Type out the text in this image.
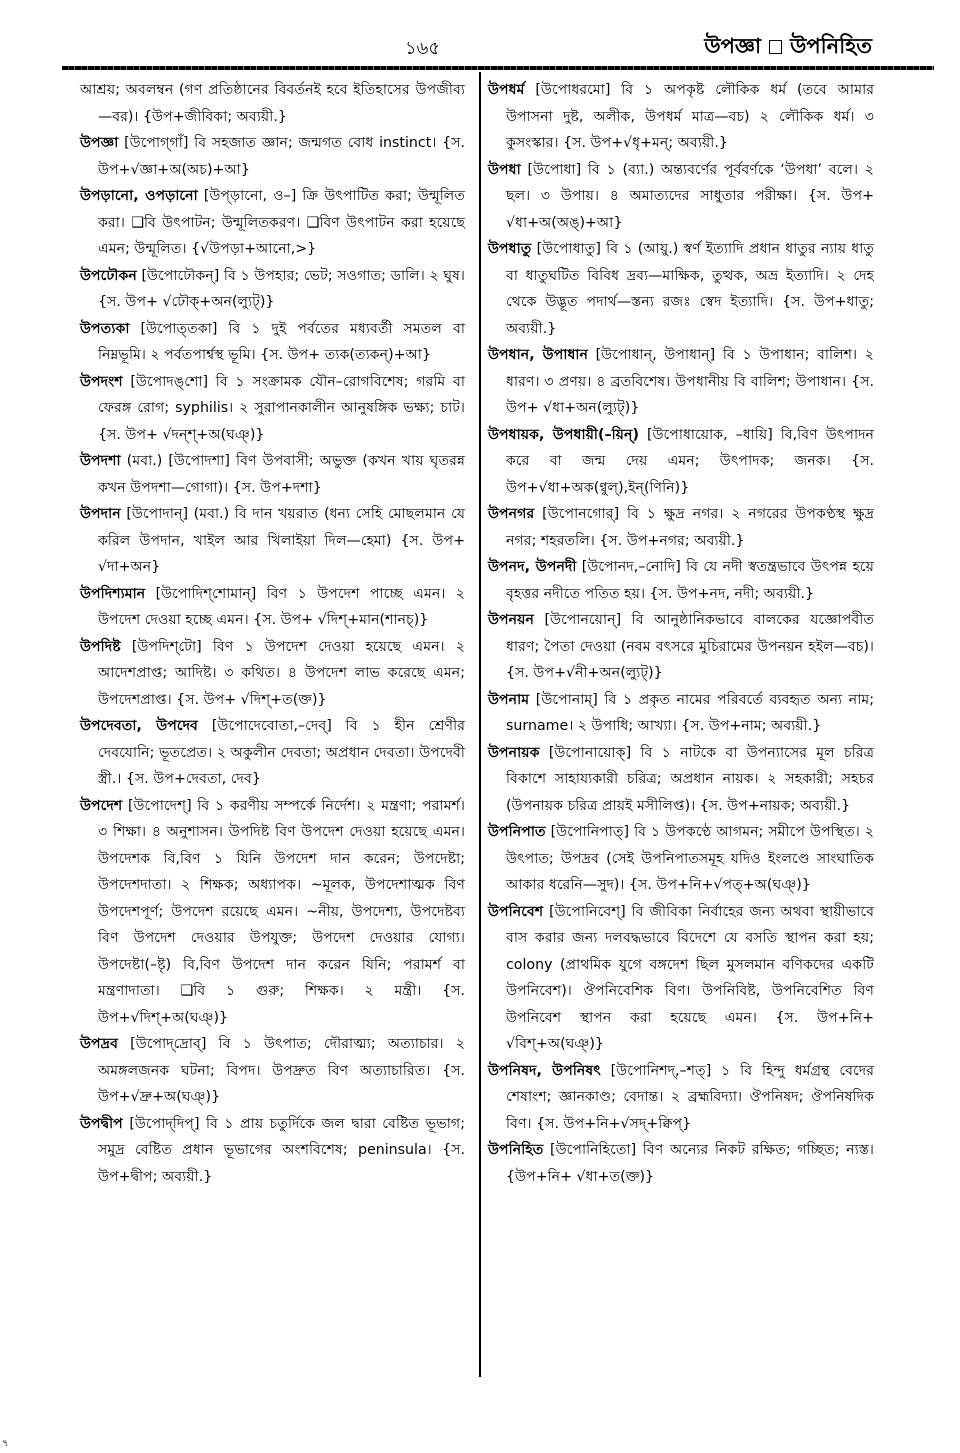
১৬৫	উপজ্ঞা উপনিহিত

আশ্রয়; অবলম্বন (গণ প্রতিষ্ঠানের বিবর্তনই হবে ইতিহাসের উপজীব্য —বর)। {উপ+জীবিকা; অব্যয়ী.}

উপজ্ঞা [উপোগ্‌গাঁ] বি সহজাত জ্ঞান; জন্মগত বোধ instinct। {স. উপ+√জ্ঞা+অ(অচ)+আ}

উপড়ানো, ওপড়ানো [উপ্‌ড়ানো, ও–] ক্রি উৎপাটিত করা; উন্মূলিত করা। ❑বি উৎপাটন; উন্মূলিতকরণ। ❑বিণ উৎপাটন করা হয়েছে এমন; উন্মূলিত। {√উপড়া+আনো,>}

উপঢৌকন [উপোঢৌকন্] বি ১ উপহার; ভেট; সওগাত; ডালি। ২ ঘুষ। {স. উপ+ √ঢৌক্+অন(ল্যুট্)}

উপত্যকা [উপোত্‌তকা] বি ১ দুই পর্বতের মধ্যবর্তী সমতল বা নিম্নভূমি। ২ পর্বতপার্শ্বস্থ ভূমি। {স. উপ+ ত্যক(ত্যকন্)+আ}

উপদংশ [উপোদঙ্‌শো] বি ১ সংক্রামক যৌন–রোগবিশেষ; গরমি বা ফেরঙ্গ রোগ; syphilis। ২ সুরাপানকালীন আনুষঙ্গিক ভক্ষ্য; চাট। {স. উপ+ √দন্‌শ্+অ(ঘঞ্)}

উপদশা (মবা.) [উপোদশা] বিণ উপবাসী; অভুক্ত (কখন খায় ঘৃতরন্ন কখন উপদশা—গোগা)। {স. উপ+দশা}

উপদান [উপোদান্] (মবা.) বি দান খয়রাত (ধন্য সেহি মোছলমান যে করিল উপদান, খাইল আর খিলাইয়া দিল—হেমা) {স. উপ+ √দা+অন}

উপদিশ্যমান [উপোদিশ্‌শোমান্] বিণ ১ উপদেশ পাচ্ছে এমন। ২ উপদেশ দেওয়া হচ্ছে এমন। {স. উপ+ √দিশ্+মান(শানচ্)}

উপদিষ্ট [উপদিশ্‌টো] বিণ ১ উপদেশ দেওয়া হয়েছে এমন। ২ আদেশপ্রাপ্ত; আদিষ্ট। ৩ কথিত। ৪ উপদেশ লাভ করেছে এমন; উপদেশপ্রাপ্ত। {স. উপ+ √দিশ্+ত(ক্ত)}

উপদেবতা, উপদেব [উপোদেবোতা,–দেব্] বি ১ হীন শ্রেণীর দেবযোনি; ভূতপ্রেত। ২ অকুলীন দেবতা; অপ্রধান দেবতা। উপদেবী স্ত্রী.। {স. উপ+দেবতা, দেব}

উপদেশ [উপোদেশ্] বি ১ করণীয় সম্পর্কে নির্দেশ। ২ মন্ত্রণা; পরামর্শ। ৩ শিক্ষা। ৪ অনুশাসন। উপদিষ্ট বিণ উপদেশ দেওয়া হয়েছে এমন। উপদেশক বি,বিণ ১ যিনি উপদেশ দান করেন; উপদেষ্টা; উপদেশদাতা। ২ শিক্ষক; অধ্যাপক। ~মূলক, উপদেশাত্মক বিণ উপদেশপূর্ণ; উপদেশ রয়েছে এমন। ~নীয়, উপদেশ্য, উপদেষ্টব্য বিণ উপদেশ দেওয়ার উপযুক্ত; উপদেশ দেওয়ার যোগ্য। উপদেষ্টা(–ষ্টৃ) বি,বিণ উপদেশ দান করেন যিনি; পরামর্শ বা মন্ত্রণাদাতা। ❑বি ১ গুরু; শিক্ষক। ২ মন্ত্রী। {স. উপ+√দিশ্+অ(ঘঞ্)}

উপদ্রব [উপোদ্‌দ্রোব্] বি ১ উৎপাত; দৌরাত্ম্য; অত্যাচার। ২ অমঙ্গলজনক ঘটনা; বিপদ। উপদ্রুত বিণ অত্যাচারিত। {স. উপ+√দ্রু+অ(ঘঞ্)}

উপদ্বীপ [উপোদ্‌দিপ্] বি ১ প্রায় চতুর্দিকে জল দ্বারা বেষ্টিত ভূভাগ; সমুদ্র বেষ্টিত প্রধান ভূভাগের অংশবিশেষ; peninsula। {স. উপ+দ্বীপ; অব্যয়ী.}

উপধর্ম [উপোধরমো] বি ১ অপকৃষ্ট লৌকিক ধর্ম (তবে আমার উপাসনা দুষ্ট, অলীক, উপধর্ম মাত্র—বচ) ২ লৌকিক ধর্ম। ৩ কুসংস্কার। {স. উপ+√ধৃ+মন্; অব্যয়ী.}

উপধা [উপোধা] বি ১ (ব্যা.) অন্ত্যবর্ণের পূর্ববর্ণকে ‘উপধা’ বলে। ২ ছল। ৩ উপায়। ৪ অমাত্যদের সাধুতার পরীক্ষা। {স. উপ+ √ধা+অ(অঙ্)+আ}

উপধাতু [উপোধাতু] বি ১ (আয়ু.) স্বর্ণ ইত্যাদি প্রধান ধাতুর ন্যায় ধাতু বা ধাতুঘটিত বিবিধ দ্রব্য—মাক্ষিক, তুত্থক, অভ্র ইত্যাদি। ২ দেহ থেকে উদ্ভূত পদার্থ—স্তন্য রজঃ স্বেদ ইত্যাদি। {স. উপ+ধাতু; অব্যয়ী.}

উপধান, উপাধান [উপোধান্, উপাধান্] বি ১ উপাধান; বালিশ। ২ ধারণ। ৩ প্রণয়। ৪ ব্রতবিশেষ। উপধানীয় বি বালিশ; উপাধান। {স. উপ+ √ধা+অন(ল্যুট্)}

উপধায়ক, উপধায়ী(–য়িন্) [উপোধায়োক, –ধায়ি] বি,বিণ উৎপাদন করে বা জন্ম দেয় এমন; উৎপাদক; জনক। {স. উপ+√ধা+অক(ণ্বুল্),ইন্(ণিনি)}

উপনগর [উপোনগোর্] বি ১ ক্ষুদ্র নগর। ২ নগরের উপকণ্ঠস্থ ক্ষুদ্র নগর; শহরতলি। {স. উপ+নগর; অব্যয়ী.}

উপনদ, উপনদী [উপোনদ,–নোদি] বি যে নদী স্বতন্ত্রভাবে উৎপন্ন হয়ে বৃহত্তর নদীতে পতিত হয়। {স. উপ+নদ, নদী; অব্যয়ী.}

উপনয়ন [উপোনয়োন্] বি আনুষ্ঠানিকভাবে বালকের যজ্ঞোপবীত ধারণ; পৈতা দেওয়া (নবম বৎসরে মুচিরামের উপনয়ন হইল—বচ)। {স. উপ+√নী+অন(ল্যুট্)}

উপনাম [উপোনাম্] বি ১ প্রকৃত নামের পরিবর্তে ব্যবহৃত অন্য নাম; surname। ২ উপাধি; আখ্যা। {স. উপ+নাম; অব্যয়ী.}

উপনায়ক [উপোনায়োক্] বি ১ নাটকে বা উপন্যাসের মূল চরিত্র বিকাশে সাহায্যকারী চরিত্র; অপ্রধান নায়ক। ২ সহকারী; সহচর (উপনায়ক চরিত্র প্রায়ই মসীলিপ্ত)। {স. উপ+নায়ক; অব্যয়ী.}

উপনিপাত [উপোনিপাত্] বি ১ উপকণ্ঠে আগমন; সমীপে উপস্থিত। ২ উৎপাত; উপদ্রব (সেই উপনিপাতসমূহ যদিও ইংলণ্ডে সাংঘাতিক আকার ধরেনি—সুদ)। {স. উপ+নি+√পত্+অ(ঘঞ্)}

উপনিবেশ [উপোনিবেশ্] বি জীবিকা নির্বাহের জন্য অথবা স্থায়ীভাবে বাস করার জন্য দলবদ্ধভাবে বিদেশে যে বসতি স্থাপন করা হয়; colony (প্রাথমিক যুগে বঙ্গদেশ ছিল মুসলমান বণিকদের একটি উপনিবেশ)। ঔপনিবেশিক বিণ। উপনিবিষ্ট, উপনিবেশিত বিণ উপনিবেশ স্থাপন করা হয়েছে এমন। {স. উপ+নি+ √বিশ্+অ(ঘঞ্)}

উপনিষদ, উপনিষৎ [উপোনিশদ্,–শত্] ১ বি হিন্দু ধর্মগ্রন্থ বেদের শেষাংশ; জ্ঞানকাণ্ড; বেদান্ত। ২ ব্রহ্মবিদ্যা। ঔপনিষদ; ঔপনিষদিক বিণ। {স. উপ+নি+√সদ্+ক্বিপ্}

উপনিহিত [উপোনিহিতো] বিণ অন্যের নিকট রক্ষিত; গচ্ছিত; ন্যস্ত। {উপ+নি+ √ধা+ত(ক্ত)}

৭
